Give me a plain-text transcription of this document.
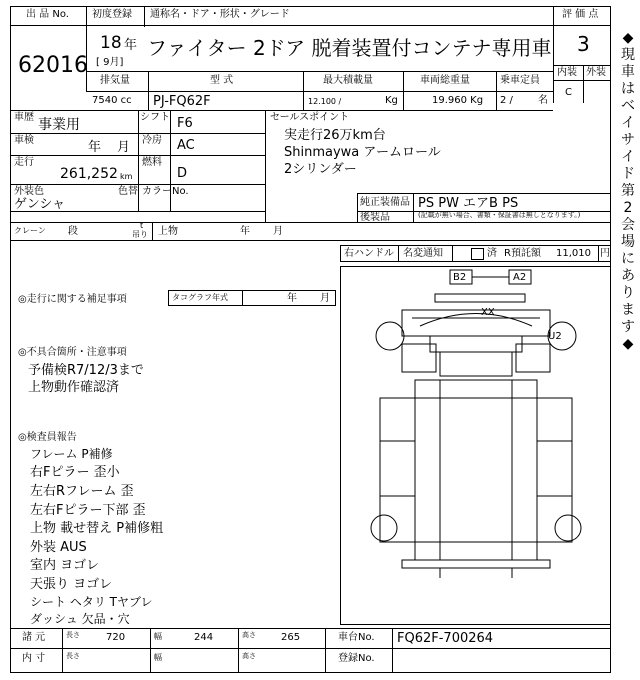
出 品 No.
62016
初度登録
18 年
[ 9月]
通称名・ドア・形状・グレード
ファイター 2ドア 脱着装置付コンテナ専用車
評 価 点
3
内装 外装
C
排気量
7540 cc
型 式
PJ-FQ62F
最大積載量
12.100 /	Kg
車両総重量
19.960 Kg
乗車定員
2 /	名
車歴 事業用	シフト F6
車検	年 月 冷房 AC
走行
261,252 km
燃料
D
外装色
ゲンシャ
色替 カラーNo.
クレーン 段
t
吊り 上物	年 月
セールスポイント
実走行26万km台
Shinmaywa アームロール
2シリンダー
純正装備品 PS PW エアB PS
後装品	(記載が無い場合、書類・保証書は無しとなります。)
右ハンドル 名変通知	済 R預託額 11,010 円
B2	A2
XX
U2
◎走行に関する補足事項	タコグラフ年式	年 月
◎不具合箇所・注意事項
予備検R7/12/3まで
上物動作確認済
◎検査員報告
フレーム P補修
右Fピラー 歪小
左右Rフレーム 歪
左右Fピラー下部 歪
上物 載せ替え P補修粗
外装 AUS
室内 ヨゴレ
天張り ヨゴレ
シート ヘタリ Tヤブレ
ダッシュ 欠品・穴
諸 元	長さ	720	幅	244	高さ	265	車台No. FQ62F-700264
内 寸	長さ	幅	高さ	登録No.
◆
現
車
は
ベ
イ
サ
イ
ド
第
2
会
場
に
あ
り
ま
す
◆
